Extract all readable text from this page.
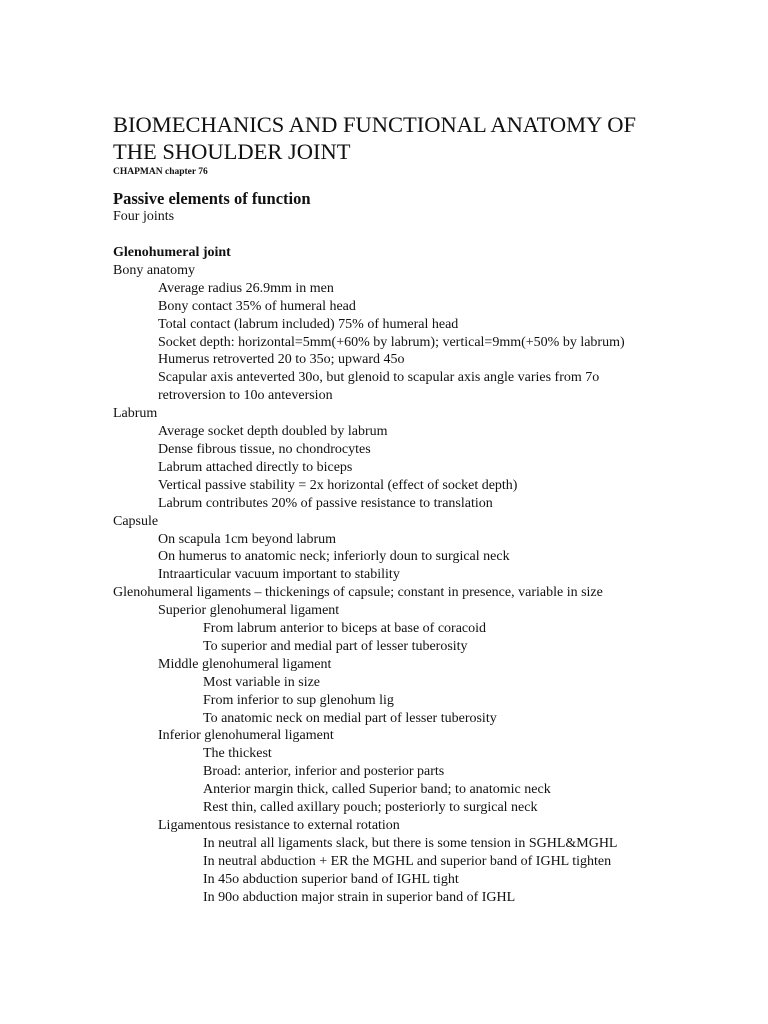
BIOMECHANICS AND FUNCTIONAL ANATOMY OF THE SHOULDER JOINT
CHAPMAN chapter 76
Passive elements of function
Four joints
Glenohumeral joint
Bony anatomy
Average radius 26.9mm in men
Bony contact 35% of humeral head
Total contact (labrum included) 75% of humeral head
Socket depth: horizontal=5mm(+60% by labrum); vertical=9mm(+50% by labrum)
Humerus retroverted 20 to 35o; upward 45o
Scapular axis anteverted 30o, but glenoid to scapular axis angle varies from 7o retroversion to 10o anteversion
Labrum
Average socket depth doubled by labrum
Dense fibrous tissue, no chondrocytes
Labrum attached directly to biceps
Vertical passive stability = 2x horizontal (effect of socket depth)
Labrum contributes 20% of passive resistance to translation
Capsule
On scapula 1cm beyond labrum
On humerus to anatomic neck; inferiorly doun to surgical neck
Intraarticular vacuum important to stability
Glenohumeral ligaments – thickenings of capsule; constant in presence, variable in size
Superior glenohumeral ligament
From labrum anterior to biceps at base of coracoid
To superior and medial part of lesser tuberosity
Middle glenohumeral ligament
Most variable in size
From inferior to sup glenohum lig
To anatomic neck on medial part of lesser tuberosity
Inferior glenohumeral ligament
The thickest
Broad: anterior, inferior and posterior parts
Anterior margin thick, called Superior band; to anatomic neck
Rest thin, called axillary pouch; posteriorly to surgical neck
Ligamentous resistance to external rotation
In neutral all ligaments slack, but there is some tension in SGHL&MGHL
In neutral abduction + ER the MGHL and superior band of IGHL tighten
In 45o abduction superior band of IGHL tight
In 90o abduction major strain in superior band of IGHL
